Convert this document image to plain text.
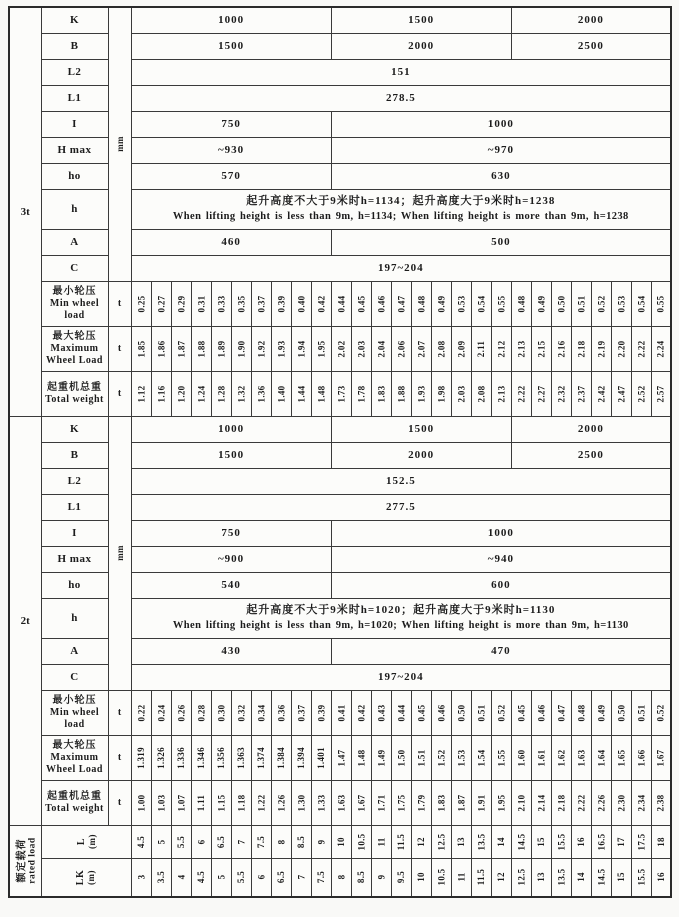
3t	K	mm	1000										1500									2000							
	B		1500										2000									2500							
	L2		151																										
	L1		278.5																										
	I		750										1000																
	H max		~930										~970																
	ho		570										630																
	h		起升高度不大于9米时h=1134；起升高度大于9米时h=1238
When lifting height is less than 9m, h=1134; When lifting height is more than 9m, h=1238																										

	A		460										500																
	C		197~204																										

	最小轮压
Min wheel load	t	0.25	0.27	0.29	0.31	0.33	0.35	0.37	0.39	0.40	0.42	0.44	0.45	0.46	0.47	0.48	0.49	0.53	0.54	0.55	0.48	0.49	0.50	0.51	0.52	0.53	0.54	0.55

	最大轮压
Maximum Wheel Load	t	1.85	1.86	1.87	1.88	1.89	1.90	1.92	1.93	1.94	1.95	2.02	2.03	2.04	2.06	2.07	2.08	2.09	2.11	2.12	2.13	2.15	2.16	2.18	2.19	2.20	2.22	2.24

	起重机总重
Total weight	t	1.12	1.16	1.20	1.24	1.28	1.32	1.36	1.40	1.44	1.48	1.73	1.78	1.83	1.88	1.93	1.98	2.03	2.08	2.13	2.22	2.27	2.32	2.37	2.42	2.47	2.52	2.57

2t	K	mm	1000										1500									2000							
	B		1500										2000									2500							
	L2		152.5																										
	L1		277.5																										
	I		750										1000																
	H max		~900										~940																
	ho		540										600																
	h		起升高度不大于9米时h=1020；起升高度大于9米时h=1130
When lifting height is less than 9m, h=1020; When lifting height is more than 9m, h=1130																										

	A		430										470																
	C		197~204																										

	最小轮压
Min wheel load	t	0.22	0.24	0.26	0.28	0.30	0.32	0.34	0.36	0.37	0.39	0.41	0.42	0.43	0.44	0.45	0.46	0.50	0.51	0.52	0.45	0.46	0.47	0.48	0.49	0.50	0.51	0.52

	最大轮压
Maximum Wheel Load	t	1.319	1.326	1.336	1.346	1.356	1.363	1.374	1.384	1.394	1.401	1.47	1.48	1.49	1.50	1.51	1.52	1.53	1.54	1.55	1.60	1.61	1.62	1.63	1.64	1.65	1.66	1.67

	起重机总重
Total weight	t	1.00	1.03	1.07	1.11	1.15	1.18	1.22	1.26	1.30	1.33	1.63	1.67	1.71	1.75	1.79	1.83	1.87	1.91	1.95	2.10	2.14	2.18	2.22	2.26	2.30	2.34	2.38

额定载荷 rated load	L (m)	4.5	5	5.5	6	6.5	7	7.5	8	8.5	9	10	10.5	11	11.5	12	12.5	13	13.5	14	14.5	15	15.5	16	16.5	17	17.5	18

	LK (m)		3	3.5	4	4.5	5	5.5	6	6.5	7	7.5	8	8.5	9	9.5	10	10.5	11	11.5	12	12.5	13	13.5	14	14.5	15	15.5	16
